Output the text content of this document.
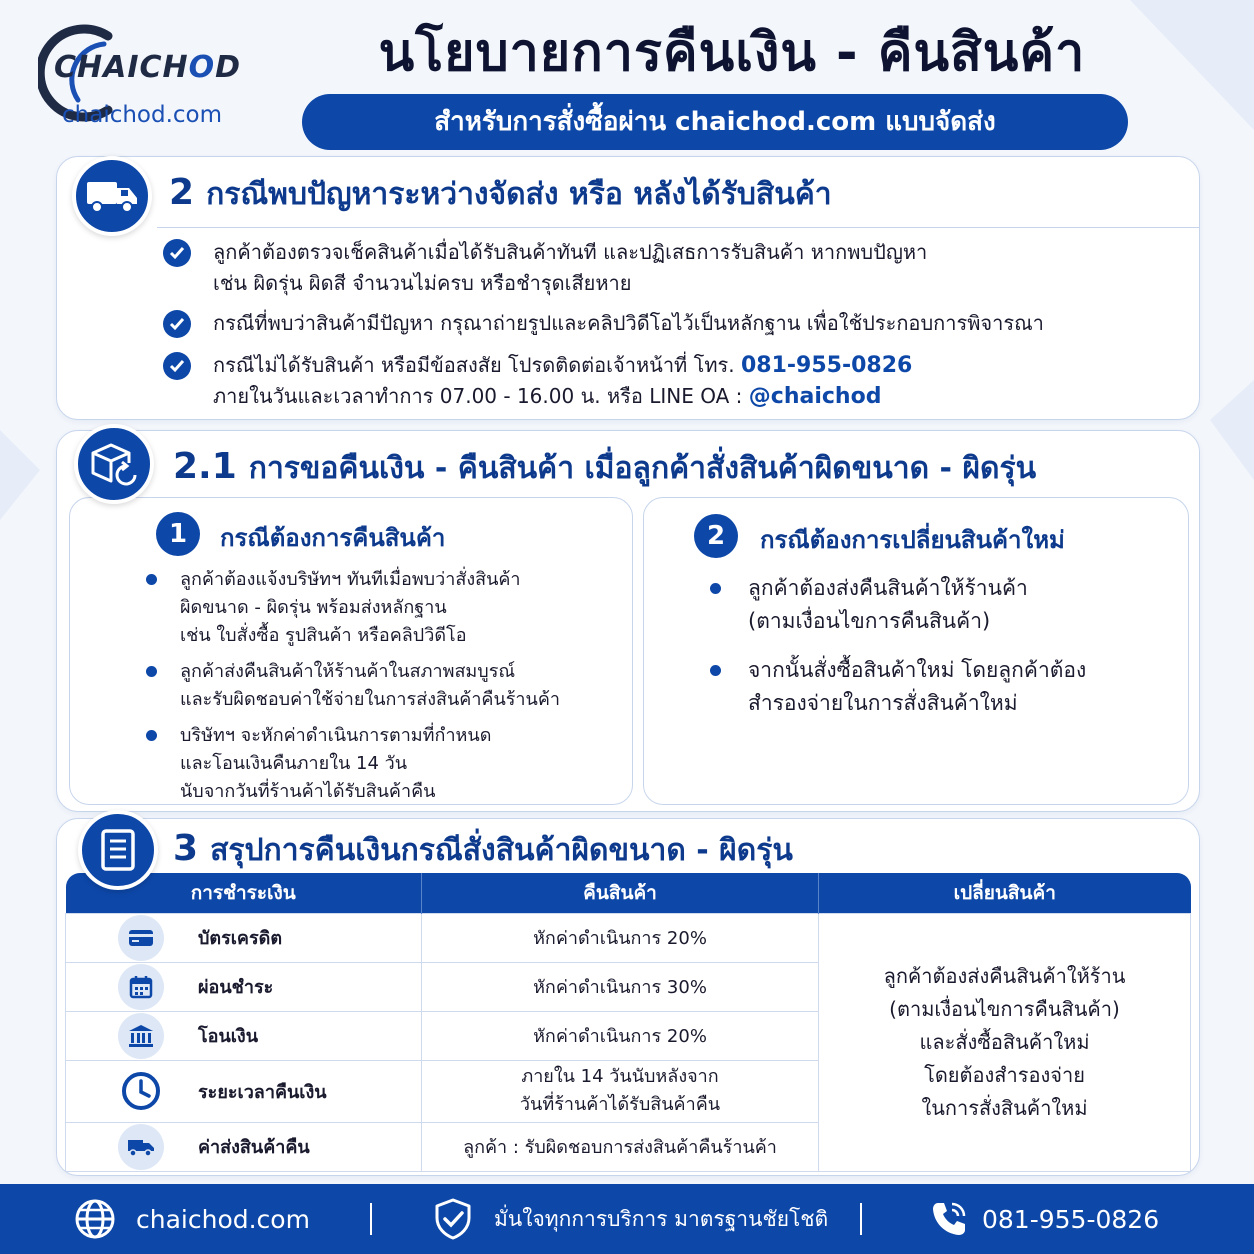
CHAICHOD
chaichod.com
นโยบายการคืนเงิน - คืนสินค้า
สำหรับการสั่งซื้อผ่าน chaichod.com แบบจัดส่ง
2 กรณีพบปัญหาระหว่างจัดส่ง หรือ หลังได้รับสินค้า
ลูกค้าต้องตรวจเช็คสินค้าเมื่อได้รับสินค้าทันที และปฏิเสธการรับสินค้า หากพบปัญหา
เช่น ผิดรุ่น ผิดสี จำนวนไม่ครบ หรือชำรุดเสียหาย
กรณีที่พบว่าสินค้ามีปัญหา กรุณาถ่ายรูปและคลิปวิดีโอไว้เป็นหลักฐาน เพื่อใช้ประกอบการพิจารณา
กรณีไม่ได้รับสินค้า หรือมีข้อสงสัย โปรดติดต่อเจ้าหน้าที่ โทร. 081-955-0826
ภายในวันและเวลาทำการ 07.00 - 16.00 น. หรือ LINE OA : @chaichod
2.1 การขอคืนเงิน - คืนสินค้า เมื่อลูกค้าสั่งสินค้าผิดขนาด - ผิดรุ่น
1	กรณีต้องการคืนสินค้า
ลูกค้าต้องแจ้งบริษัทฯ ทันทีเมื่อพบว่าสั่งสินค้า
ผิดขนาด - ผิดรุ่น พร้อมส่งหลักฐาน
เช่น ใบสั่งซื้อ รูปสินค้า หรือคลิปวิดีโอ
ลูกค้าส่งคืนสินค้าให้ร้านค้าในสภาพสมบูรณ์
และรับผิดชอบค่าใช้จ่ายในการส่งสินค้าคืนร้านค้า
บริษัทฯ จะหักค่าดำเนินการตามที่กำหนด
และโอนเงินคืนภายใน 14 วัน
นับจากวันที่ร้านค้าได้รับสินค้าคืน
2	กรณีต้องการเปลี่ยนสินค้าใหม่
ลูกค้าต้องส่งคืนสินค้าให้ร้านค้า
(ตามเงื่อนไขการคืนสินค้า)
จากนั้นสั่งซื้อสินค้าใหม่ โดยลูกค้าต้อง
สำรองจ่ายในการสั่งสินค้าใหม่
3 สรุปการคืนเงินกรณีสั่งสินค้าผิดขนาด - ผิดรุ่น
การชำระเงิน	คืนสินค้า	เปลี่ยนสินค้า

บัตรเครดิต	หักค่าดำเนินการ 20%	ลูกค้าต้องส่งคืนสินค้าให้ร้าน
(ตามเงื่อนไขการคืนสินค้า)
และสั่งซื้อสินค้าใหม่
โดยต้องสำรองจ่าย
ในการสั่งสินค้าใหม่

ผ่อนชำระ	หักค่าดำเนินการ 30%	

โอนเงิน	หักค่าดำเนินการ 20%	

ระยะเวลาคืนเงิน	ภายใน 14 วันนับหลังจาก
วันที่ร้านค้าได้รับสินค้าคืน	

ค่าส่งสินค้าคืน	ลูกค้า : รับผิดชอบการส่งสินค้าคืนร้านค้า	
chaichod.com	มั่นใจทุกการบริการ มาตรฐานชัยโชติ	081-955-0826
